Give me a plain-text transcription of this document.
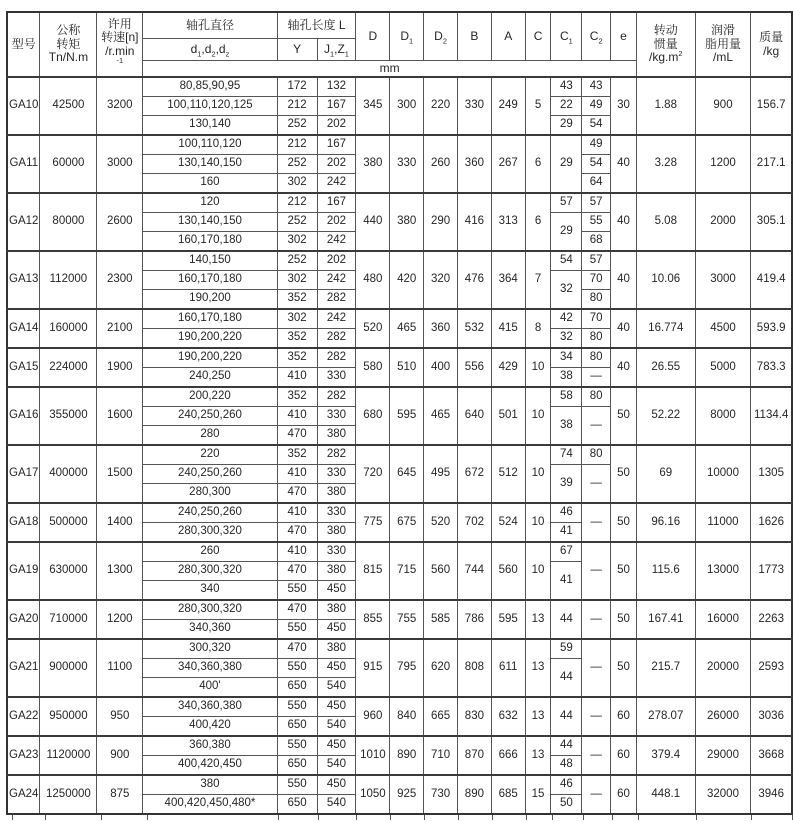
型号	公称
转矩
Tn/N.m	许用
转速[n]
/r.min
$^{-1}$	轴孔直径	轴孔长度 L		D	$D_1$	$D_2$	B	A	C	$C_1$	$C_2$	e	转动
惯量
$/kg.m^2$	润滑
脂用量
/mL	质量
/kg
			$d_1,d_2,d_z$	Y	$J_1,Z_1$
			mm														
GA10	42500	3200	80,85,90,95	172	132	345	300	220	330	249	5	43	43	30	1.88	900	156.7
			100,110,120,125	212	167							22	49				
			130,140	252	202							29	54				
GA11	60000	3000	100,110,120	212	167	380	330	260	360	267	6	29	49	40	3.28	1200	217.1
			130,140,150	252	202								54				
			160	302	242								64				
GA12	80000	2600	120	212	167	440	380	290	416	313	6	57	57	40	5.08	2000	305.1
			130,140,150	252	202							29	55				
			160,170,180	302	242								68				
GA13	112000	2300	140,150	252	202	480	420	320	476	364	7	54	57	40	10.06	3000	419.4
			160,170,180	302	242							32	70				
			190,200	352	282								80				
GA14	160000	2100	160,170,180	302	242	520	465	360	532	415	8	42	70	40	16.774	4500	593.9
			190,200,220	352	282							32	80				
GA15	224000	1900	190,200,220	352	282	580	510	400	556	429	10	34	80	40	26.55	5000	783.3
			240,250	410	330							38	—				
GA16	355000	1600	200,220	352	282	680	595	465	640	501	10	58	80	50	52.22	8000	1134.4
			240,250,260	410	330							38	—				
			280	470	380												
GA17	400000	1500	220	352	282	720	645	495	672	512	10	74	80	50	69	10000	1305
			240,250,260	410	330							39	—				
			280,300	470	380												
GA18	500000	1400	240,250,260	410	330	775	675	520	702	524	10	46	—	50	96.16	11000	1626
			280,300,320	470	380							41					
GA19	630000	1300	260	410	330	815	715	560	744	560	10	67	—	50	115.6	13000	1773
			280,300,320	470	380							41					
			340	550	450												
GA20	710000	1200	280,300,320	470	380	855	755	585	786	595	13	44	—	50	167.41	16000	2263
			340,360	550	450												
GA21	900000	1100	300,320	470	380	915	795	620	808	611	13	59	—	50	215.7	20000	2593
			340,360,380	550	450							44					
			400'	650	540												
GA22	950000	950	340,360,380	550	450	960	840	665	830	632	13	44	—	60	278.07	26000	3036
			400,420	650	540												
GA23	1120000	900	360,380	550	450	1010	890	710	870	666	13	44	—	60	379.4	29000	3668
			400,420,450	650	540							48					
GA24	1250000	875	380	550	450	1050	925	730	890	685	15	46	—	60	448.1	32000	3946
			400,420,450,480*	650	540							50					
